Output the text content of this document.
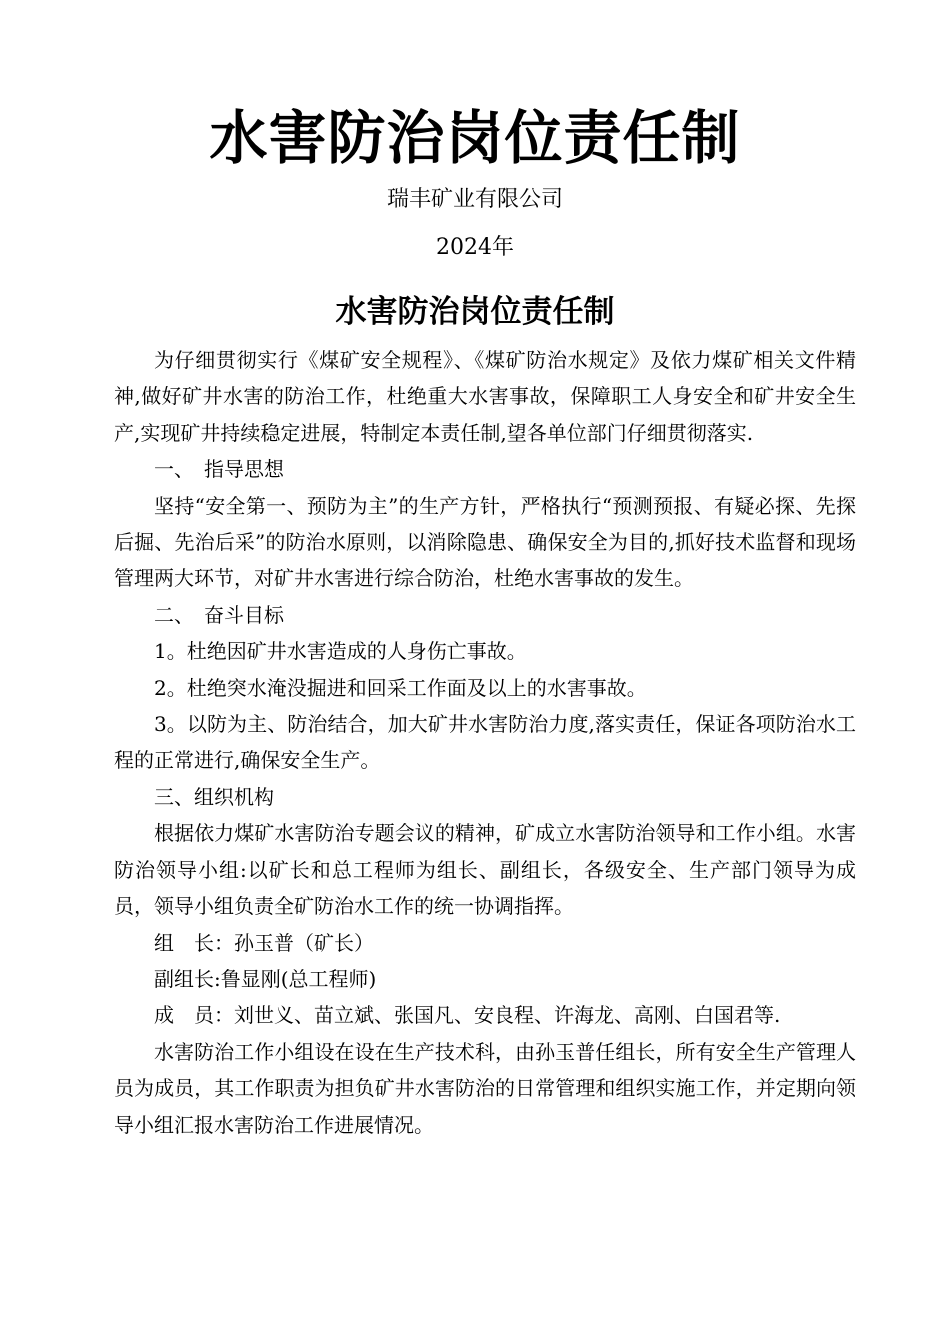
水害防治岗位责任制
瑞丰矿业有限公司
2024年
水害防治岗位责任制

为仔细贯彻实行《煤矿安全规程》、《煤矿防治水规定》及依力煤矿相关文件精神,做好矿井水害的防治工作，杜绝重大水害事故，保障职工人身安全和矿井安全生产,实现矿井持续稳定进展，特制定本责任制,望各单位部门仔细贯彻落实.

一、　指导思想

坚持“安全第一、预防为主”的生产方针，严格执行“预测预报、有疑必探、先探后掘、先治后采”的防治水原则，以消除隐患、确保安全为目的,抓好技术监督和现场管理两大环节，对矿井水害进行综合防治，杜绝水害事故的发生。

二、　奋斗目标

1。杜绝因矿井水害造成的人身伤亡事故。

2。杜绝突水淹没掘进和回采工作面及以上的水害事故。

3。以防为主、防治结合，加大矿井水害防治力度,落实责任，保证各项防治水工程的正常进行,确保安全生产。

三、组织机构

根据依力煤矿水害防治专题会议的精神，矿成立水害防治领导和工作小组。水害防治领导小组:以矿长和总工程师为组长、副组长，各级安全、生产部门领导为成员，领导小组负责全矿防治水工作的统一协调指挥。

组　长：孙玉普（矿长）

副组长:鲁显刚(总工程师)

成　员：刘世义、苗立斌、张国凡、安良程、许海龙、高刚、白国君等.

水害防治工作小组设在设在生产技术科，由孙玉普任组长，所有安全生产管理人员为成员，其工作职责为担负矿井水害防治的日常管理和组织实施工作，并定期向领导小组汇报水害防治工作进展情况。
